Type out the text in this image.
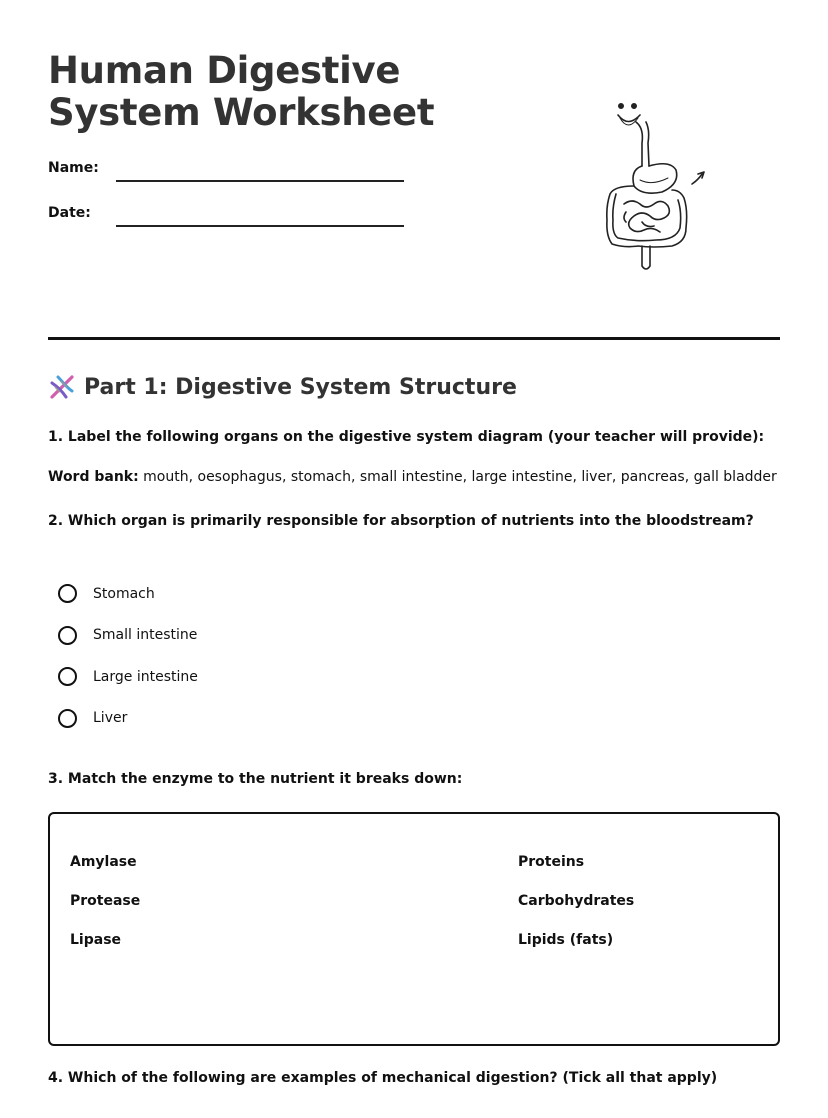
Human Digestive
System Worksheet
Name:
Date:
Part 1: Digestive System Structure
1. Label the following organs on the digestive system diagram (your teacher will provide):
Word bank: mouth, oesophagus, stomach, small intestine, large intestine, liver, pancreas, gall bladder
2. Which organ is primarily responsible for absorption of nutrients into the bloodstream?
Stomach
Small intestine
Large intestine
Liver
3. Match the enzyme to the nutrient it breaks down:
Amylase
Protease
Lipase
Proteins
Carbohydrates
Lipids (fats)
4. Which of the following are examples of mechanical digestion? (Tick all that apply)
